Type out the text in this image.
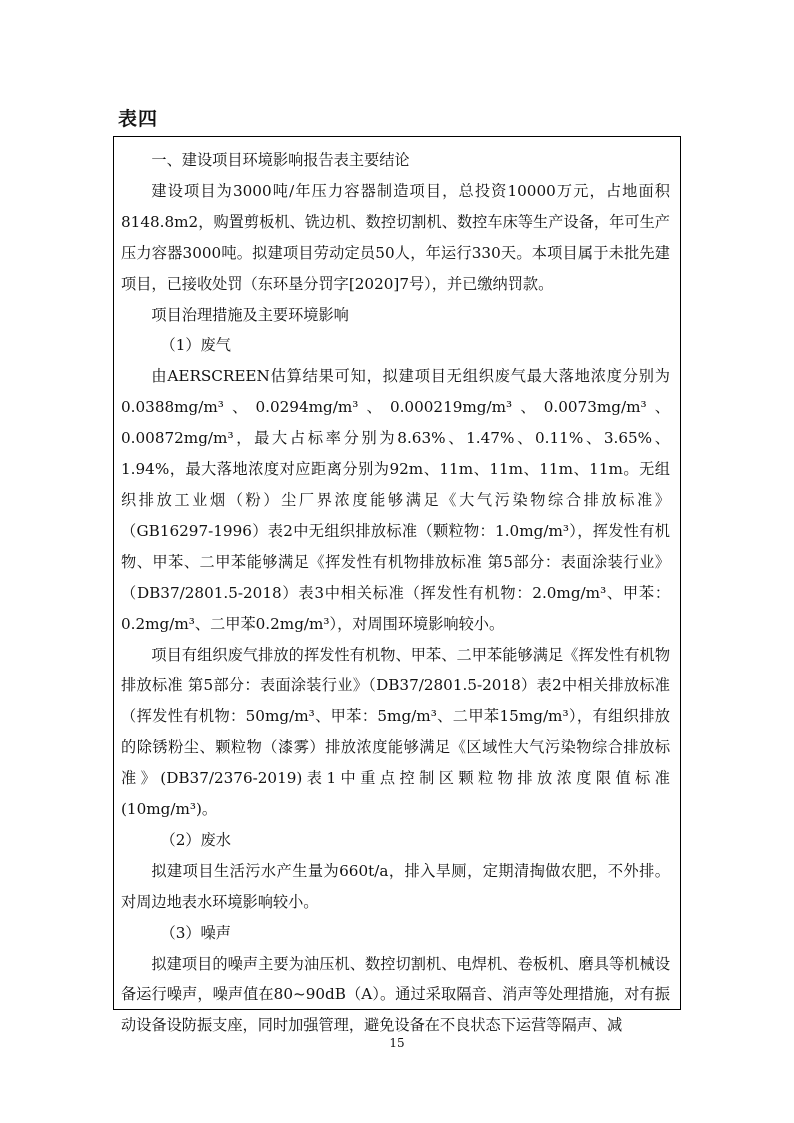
表四

一、建设项目环境影响报告表主要结论

建设项目为3000吨/年压力容器制造项目，总投资10000万元，占地面积8148.8m2，购置剪板机、铣边机、数控切割机、数控车床等生产设备，年可生产压力容器3000吨。拟建项目劳动定员50人，年运行330天。本项目属于未批先建项目，已接收处罚（东环垦分罚字[2020]7号），并已缴纳罚款。

项目治理措施及主要环境影响

（1）废气

由AERSCREEN估算结果可知，拟建项目无组织废气最大落地浓度分别为0.0388mg/m³、0.0294mg/m³、0.000219mg/m³、0.0073mg/m³、0.00872mg/m³，最大占标率分别为8.63%、1.47%、0.11%、3.65%、1.94%，最大落地浓度对应距离分别为92m、11m、11m、11m、11m。无组织排放工业烟（粉）尘厂界浓度能够满足《大气污染物综合排放标准》（GB16297-1996）表2中无组织排放标准（颗粒物：1.0mg/m³），挥发性有机物、甲苯、二甲苯能够满足《挥发性有机物排放标准 第5部分：表面涂装行业》（DB37/2801.5-2018）表3中相关标准（挥发性有机物：2.0mg/m³、甲苯：0.2mg/m³、二甲苯0.2mg/m³），对周围环境影响较小。

项目有组织废气排放的挥发性有机物、甲苯、二甲苯能够满足《挥发性有机物排放标准 第5部分：表面涂装行业》（DB37/2801.5-2018）表2中相关排放标准（挥发性有机物：50mg/m³、甲苯：5mg/m³、二甲苯15mg/m³），有组织排放的除锈粉尘、颗粒物（漆雾）排放浓度能够满足《区域性大气污染物综合排放标准》(DB37/2376-2019)表1中重点控制区颗粒物排放浓度限值标准(10mg/m³)。

（2）废水

拟建项目生活污水产生量为660t/a，排入旱厕，定期清掏做农肥，不外排。对周边地表水环境影响较小。

（3）噪声

拟建项目的噪声主要为油压机、数控切割机、电焊机、卷板机、磨具等机械设备运行噪声，噪声值在80~90dB（A）。通过采取隔音、消声等处理措施，对有振动设备设防振支座，同时加强管理，避免设备在不良状态下运营等隔声、减

15
